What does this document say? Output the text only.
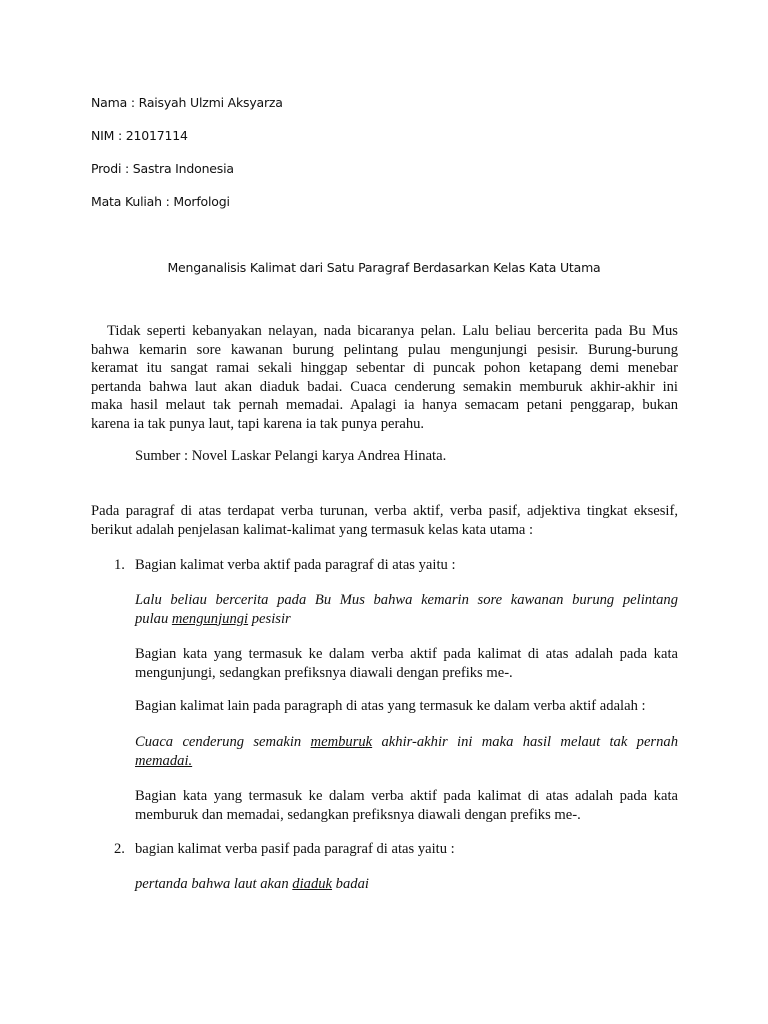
Nama : Raisyah Ulzmi Aksyarza
NIM : 21017114
Prodi : Sastra Indonesia
Mata Kuliah : Morfologi
Menganalisis Kalimat dari Satu Paragraf Berdasarkan Kelas Kata Utama
Tidak seperti kebanyakan nelayan, nada bicaranya pelan. Lalu beliau bercerita pada Bu Mus
bahwa kemarin sore kawanan burung pelintang pulau mengunjungi pesisir. Burung-burung
keramat itu sangat ramai sekali hinggap sebentar di puncak pohon ketapang demi menebar
pertanda bahwa laut akan diaduk badai. Cuaca cenderung semakin memburuk akhir-akhir ini
maka hasil melaut tak pernah memadai. Apalagi ia hanya semacam petani penggarap, bukan
karena ia tak punya laut, tapi karena ia tak punya perahu.
Sumber : Novel Laskar Pelangi karya Andrea Hinata.
Pada paragraf di atas terdapat verba turunan, verba aktif, verba pasif, adjektiva tingkat eksesif,
berikut adalah penjelasan kalimat-kalimat yang termasuk kelas kata utama :
1. Bagian kalimat verba aktif pada paragraf di atas yaitu :
Lalu beliau bercerita pada Bu Mus bahwa kemarin sore kawanan burung pelintang
pulau mengunjungi pesisir
Bagian kata yang termasuk ke dalam verba aktif pada kalimat di atas adalah pada kata
mengunjungi, sedangkan prefiksnya diawali dengan prefiks me-.
Bagian kalimat lain pada paragraph di atas yang termasuk ke dalam verba aktif adalah :
Cuaca cenderung semakin memburuk akhir-akhir ini maka hasil melaut tak pernah
memadai.
Bagian kata yang termasuk ke dalam verba aktif pada kalimat di atas adalah pada kata
memburuk dan memadai, sedangkan prefiksnya diawali dengan prefiks me-.
2. bagian kalimat verba pasif pada paragraf di atas yaitu :
pertanda bahwa laut akan diaduk badai
